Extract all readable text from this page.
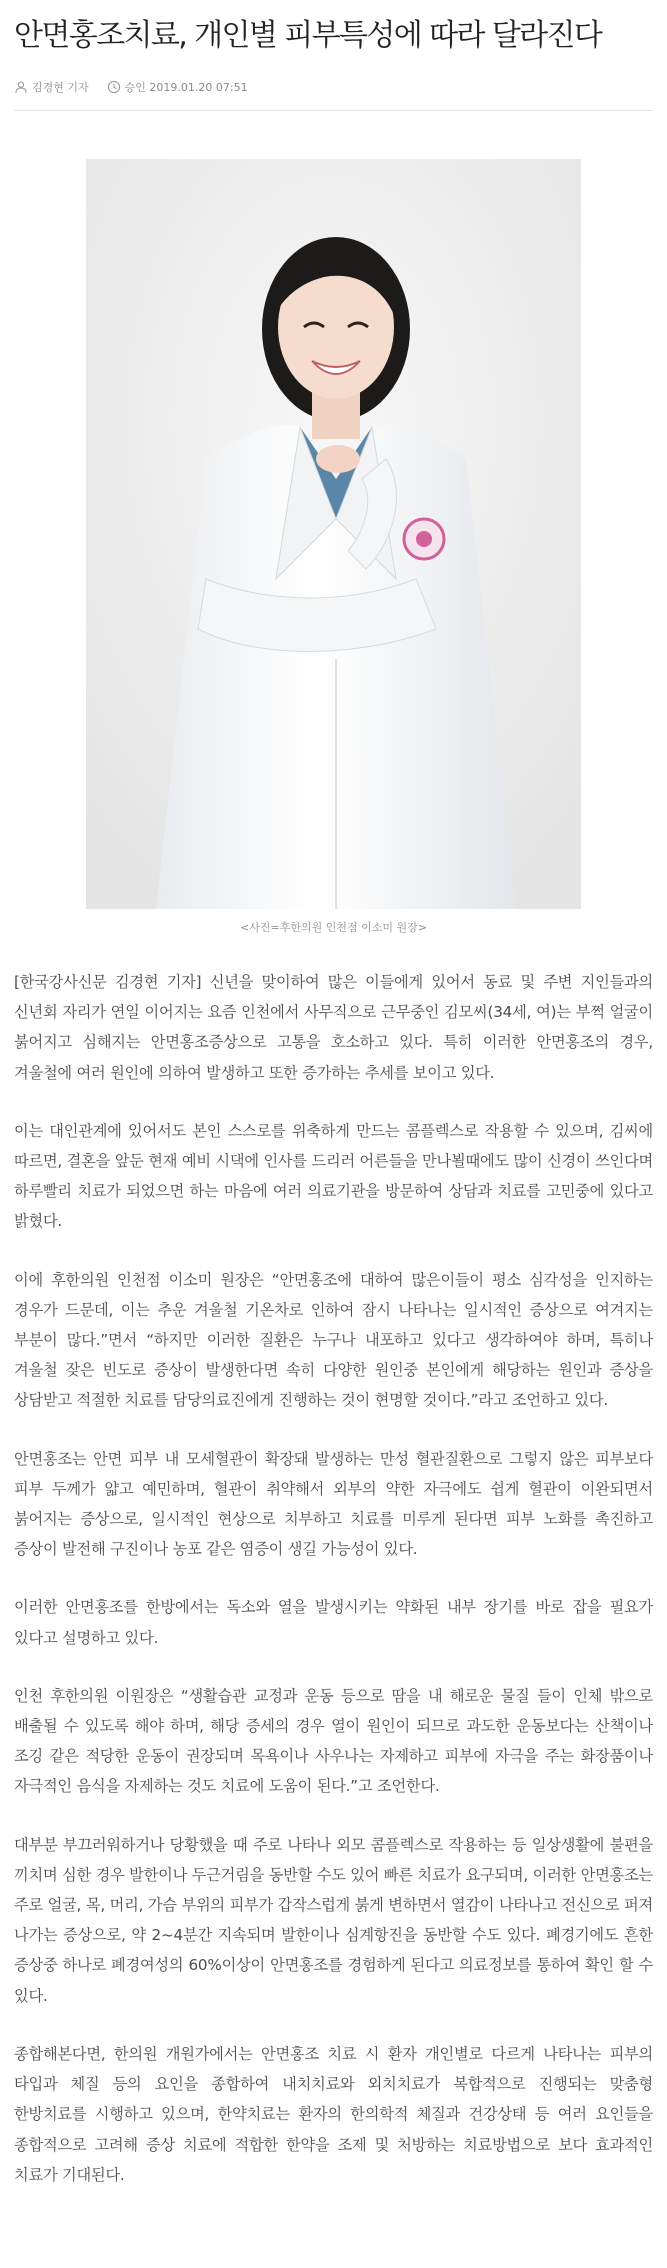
안면홍조치료, 개인별 피부특성에 따라 달라진다
김경현 기자	승인 2019.01.20 07:51
<사진=후한의원 인천점 이소미 원장>

[한국강사신문 김경현 기자] 신년을 맞이하여 많은 이들에게 있어서 동료 및 주변 지인들과의 신년회 자리가 연일 이어지는 요즘 인천에서 사무직으로 근무중인 김모씨(34세, 여)는 부쩍 얼굴이 붉어지고 심해지는 안면홍조증상으로 고통을 호소하고 있다. 특히 이러한 안면홍조의 경우, 겨울철에 여러 원인에 의하여 발생하고 또한 증가하는 추세를 보이고 있다.

이는 대인관계에 있어서도 본인 스스로를 위축하게 만드는 콤플렉스로 작용할 수 있으며, 김씨에 따르면, 결혼을 앞둔 현재 예비 시댁에 인사를 드리러 어른들을 만나뵐때에도 많이 신경이 쓰인다며 하루빨리 치료가 되었으면 하는 마음에 여러 의료기관을 방문하여 상담과 치료를 고민중에 있다고 밝혔다.

이에 후한의원 인천점 이소미 원장은 “안면홍조에 대하여 많은이들이 평소 심각성을 인지하는 경우가 드문데, 이는 추운 겨울철 기온차로 인하여 잠시 나타나는 일시적인 증상으로 여겨지는 부분이 많다.”면서 “하지만 이러한 질환은 누구나 내포하고 있다고 생각하여야 하며, 특히나 겨울철 잦은 빈도로 증상이 발생한다면 속히 다양한 원인중 본인에게 해당하는 원인과 증상을 상담받고 적절한 치료를 담당의료진에게 진행하는 것이 현명할 것이다.”라고 조언하고 있다.

안면홍조는 안면 피부 내 모세혈관이 확장돼 발생하는 만성 혈관질환으로 그렇지 않은 피부보다 피부 두께가 얇고 예민하며, 혈관이 취약해서 외부의 약한 자극에도 쉽게 혈관이 이완되면서 붉어지는 증상으로, 일시적인 현상으로 치부하고 치료를 미루게 된다면 피부 노화를 촉진하고 증상이 발전해 구진이나 농포 같은 염증이 생길 가능성이 있다.

이러한 안면홍조를 한방에서는 독소와 열을 발생시키는 약화된 내부 장기를 바로 잡을 필요가 있다고 설명하고 있다.

인천 후한의원 이원장은 “생활습관 교정과 운동 등으로 땀을 내 해로운 물질 들이 인체 밖으로 배출될 수 있도록 해야 하며, 해당 증세의 경우 열이 원인이 되므로 과도한 운동보다는 산책이나 조깅 같은 적당한 운동이 권장되며 목욕이나 사우나는 자제하고 피부에 자극을 주는 화장품이나 자극적인 음식을 자제하는 것도 치료에 도움이 된다.”고 조언한다.

대부분 부끄러워하거나 당황했을 때 주로 나타나 외모 콤플렉스로 작용하는 등 일상생활에 불편을 끼치며 심한 경우 발한이나 두근거림을 동반할 수도 있어 빠른 치료가 요구되며, 이러한 안면홍조는 주로 얼굴, 목, 머리, 가슴 부위의 피부가 갑작스럽게 붉게 변하면서 열감이 나타나고 전신으로 퍼져 나가는 증상으로, 약 2~4분간 지속되며 발한이나 심계항진을 동반할 수도 있다. 폐경기에도 흔한 증상중 하나로 폐경여성의 60%이상이 안면홍조를 경험하게 된다고 의료정보를 통하여 확인 할 수 있다.

종합해본다면, 한의원 개원가에서는 안면홍조 치료 시 환자 개인별로 다르게 나타나는 피부의 타입과 체질 등의 요인을 종합하여 내치치료와 외치치료가 복합적으로 진행되는 맞춤형 한방치료를 시행하고 있으며, 한약치료는 환자의 한의학적 체질과 건강상태 등 여러 요인들을 종합적으로 고려해 증상 치료에 적합한 한약을 조제 및 처방하는 치료방법으로 보다 효과적인 치료가 기대된다.
